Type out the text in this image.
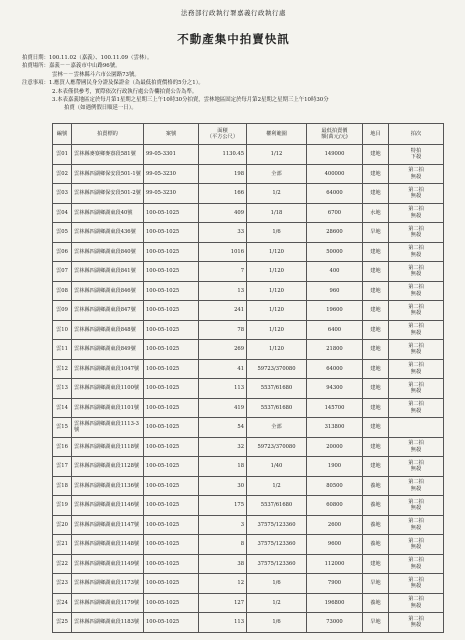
法務部行政執行署嘉義行政執行處
不動產集中拍賣快訊
拍賣日期：100.11.02（嘉義）、100.11.09（雲林）。
拍賣場所：嘉義－－嘉義市中山路96號。
雲林－－雲林縣斗六市公園路73號。
注意事項：1.應買人應帶國民身分證及保證金（為最低拍賣價格的5分之1）。
2.本表僅供參考，實際依次行政執行處公告欄拍賣公告為準。
3.本表嘉義地區定於每月第1星期之星期三上午10時30分拍賣，雲林地區固定於每月第2星期之星期三上午10時30分
拍賣（如遇例假日順延一日）。
編號	拍賣標的	案號	面積
（平方公尺）	權利範圍	最低拍賣價
額(萬元/元)	地目	拍次
雲01	雲林縣麥寮鄉麥寮段581號	99-05-3301	1130.45	1/12	149000	建地	特拍
下殺
雲02	雲林縣四湖鄉保安段501-1號	99-05-3230	198	全部	400000	建地	第二拍
無殺
雲03	雲林縣四湖鄉保安段501-2號	99-05-3230	166	1/2	64000	建地	第二拍
無殺
雲04	雲林縣四湖鄉湖東段40號	100-05-1025	409	1/18	6700	水地	第二拍
無殺
雲05	雲林縣四湖鄉湖東段436號	100-05-1025	33	1/6	28600	旱地	第二拍
無殺
雲06	雲林縣四湖鄉湖東段840號	100-05-1025	1016	1/120	50000	建地	第二拍
無殺
雲07	雲林縣四湖鄉湖東段841號	100-05-1025	7	1/120	400	建地	第二拍
無殺
雲08	雲林縣四湖鄉湖東段846號	100-05-1025	13	1/120	960	建地	第二拍
無殺
雲09	雲林縣四湖鄉湖東段847號	100-05-1025	241	1/120	19600	建地	第二拍
無殺
雲10	雲林縣四湖鄉湖東段848號	100-05-1025	78	1/120	6400	建地	第二拍
無殺
雲11	雲林縣四湖鄉湖東段849號	100-05-1025	269	1/120	21800	建地	第二拍
無殺
雲12	雲林縣四湖鄉湖東段1047號	100-05-1025	41	59723/370080	64000	建地	第二拍
無殺
雲13	雲林縣四湖鄉湖東段1100號	100-05-1025	113	5537/61680	94300	建地	第二拍
無殺
雲14	雲林縣四湖鄉湖東段1101號	100-05-1025	419	5537/61680	145700	建地	第二拍
無殺
雲15	雲林縣四湖鄉湖東段1113-3號	100-05-1025	54	全部	313800	建地	
雲16	雲林縣四湖鄉湖東段1118號	100-05-1025	32	59723/370080	20000	建地	第二拍
無殺
雲17	雲林縣四湖鄉湖東段1128號	100-05-1025	18	1/40	1900	建地	第二拍
無殺
雲18	雲林縣四湖鄉湖東段1136號	100-05-1025	30	1/2	80500	養地	第二拍
無殺
雲19	雲林縣四湖鄉湖東段1146號	100-05-1025	175	5537/61680	60800	養地	第二拍
無殺
雲20	雲林縣四湖鄉湖東段1147號	100-05-1025	3	37575/123360	2600	養地	第二拍
無殺
雲21	雲林縣四湖鄉湖東段1148號	100-05-1025	8	37575/123360	9600	養地	第二拍
無殺
雲22	雲林縣四湖鄉湖東段1149號	100-05-1025	38	37575/123360	112000	建地	第二拍
無殺
雲23	雲林縣四湖鄉湖東段1173號	100-05-1025	12	1/6	7900	旱地	第二拍
無殺
雲24	雲林縣四湖鄉湖東段1179號	100-05-1025	127	1/2	196800	養地	第二拍
無殺
雲25	雲林縣四湖鄉湖東段1183號	100-05-1025	113	1/6	73000	旱地	第二拍
無殺
